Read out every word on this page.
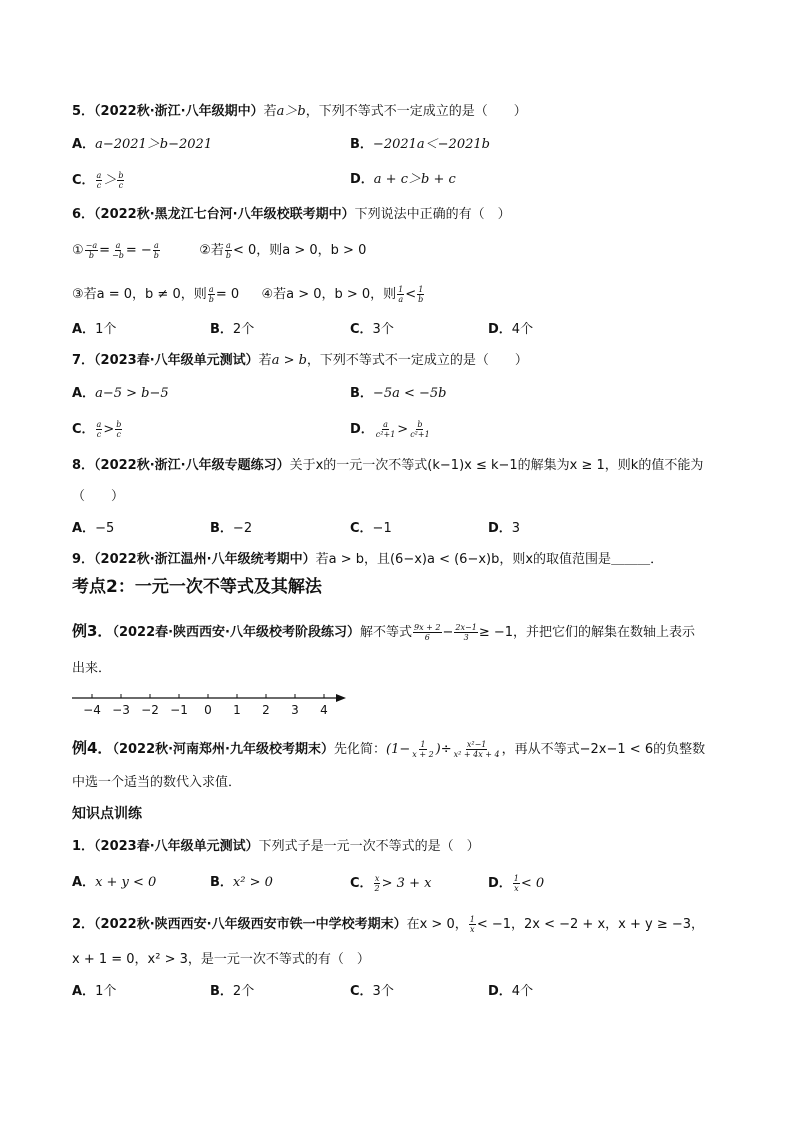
5．（2022秋·浙江·八年级期中）若a＞b，下列不等式不一定成立的是（　　）
A．a−2021＞b−2021	B．−2021a＜−2021b
C． $\frac{a}{c} > \frac{b}{c}$	D．a + c＞b + c
6．（2022秋·黑龙江七台河·八年级校联考期中）下列说法中正确的有（　）
① $\frac{-a}{b} = \frac{a}{-b}$ = − $\frac{a}{b}$	②若 $\frac{a}{b} < 0$，则a > 0，b > 0
③若a = 0，b ≠ 0，则 $\frac{a}{b} = 0$ ④若a > 0，b > 0，则 $\frac{1}{a} < \frac{1}{b}$
A．1个	B．2个	C．3个	D．4个
7．（2023春·八年级单元测试）若a > b，下列不等式不一定成立的是（　　）
A．a−5 > b−5	B．−5a < −5b
C． $\frac{a}{c} > \frac{b}{c}$	D． $\frac{a}{\text{c²+1}} > \frac{b}{\text{c²+1}}$
8．（2022秋·浙江·八年级专题练习）关于x的一元一次不等式(k−1)x ≤ k−1的解集为x ≥ 1，则k的值不能为
（　　）
A．−5	B．−2	C．−1	D．3
9．（2022秋·浙江温州·八年级统考期中）若a > b，且(6−x)a < (6−x)b，则x的取值范围是＿＿＿．
考点2：一元一次不等式及其解法
例3．（2022春·陕西西安·八年级校考阶段练习）解不等式 $\frac{9x + 2}{6} - \frac{2x-1}{3} \ge -1$，并把它们的解集在数轴上表示
出来．
−4 −3 −2 −1 0 1 2 3 4
例4．（2022秋·河南郑州·九年级校考期末）先化简：($1- \frac{1}{x + 2}$ )÷ $\frac{\text{x²−1}}{\text{x² + 4x + 4}}$ ，再从不等式−2x−1 < 6的负整数
中选一个适当的数代入求值．
知识点训练
1．（2023春·八年级单元测试）下列式子是一元一次不等式的是（　）
A．x + y < 0	B．x² > 0	C． $\frac{x}{2} > 3 + x$	D． $\frac{1}{x} < 0$
2．（2022秋·陕西西安·八年级西安市铁一中学校考期末）在x > 0， $\frac{1}{x} < -1$，2x < −2 + x，x + y ≥ −3，
x + 1 = 0，x² > 3，是一元一次不等式的有（　）
A．1个	B．2个	C．3个	D．4个
